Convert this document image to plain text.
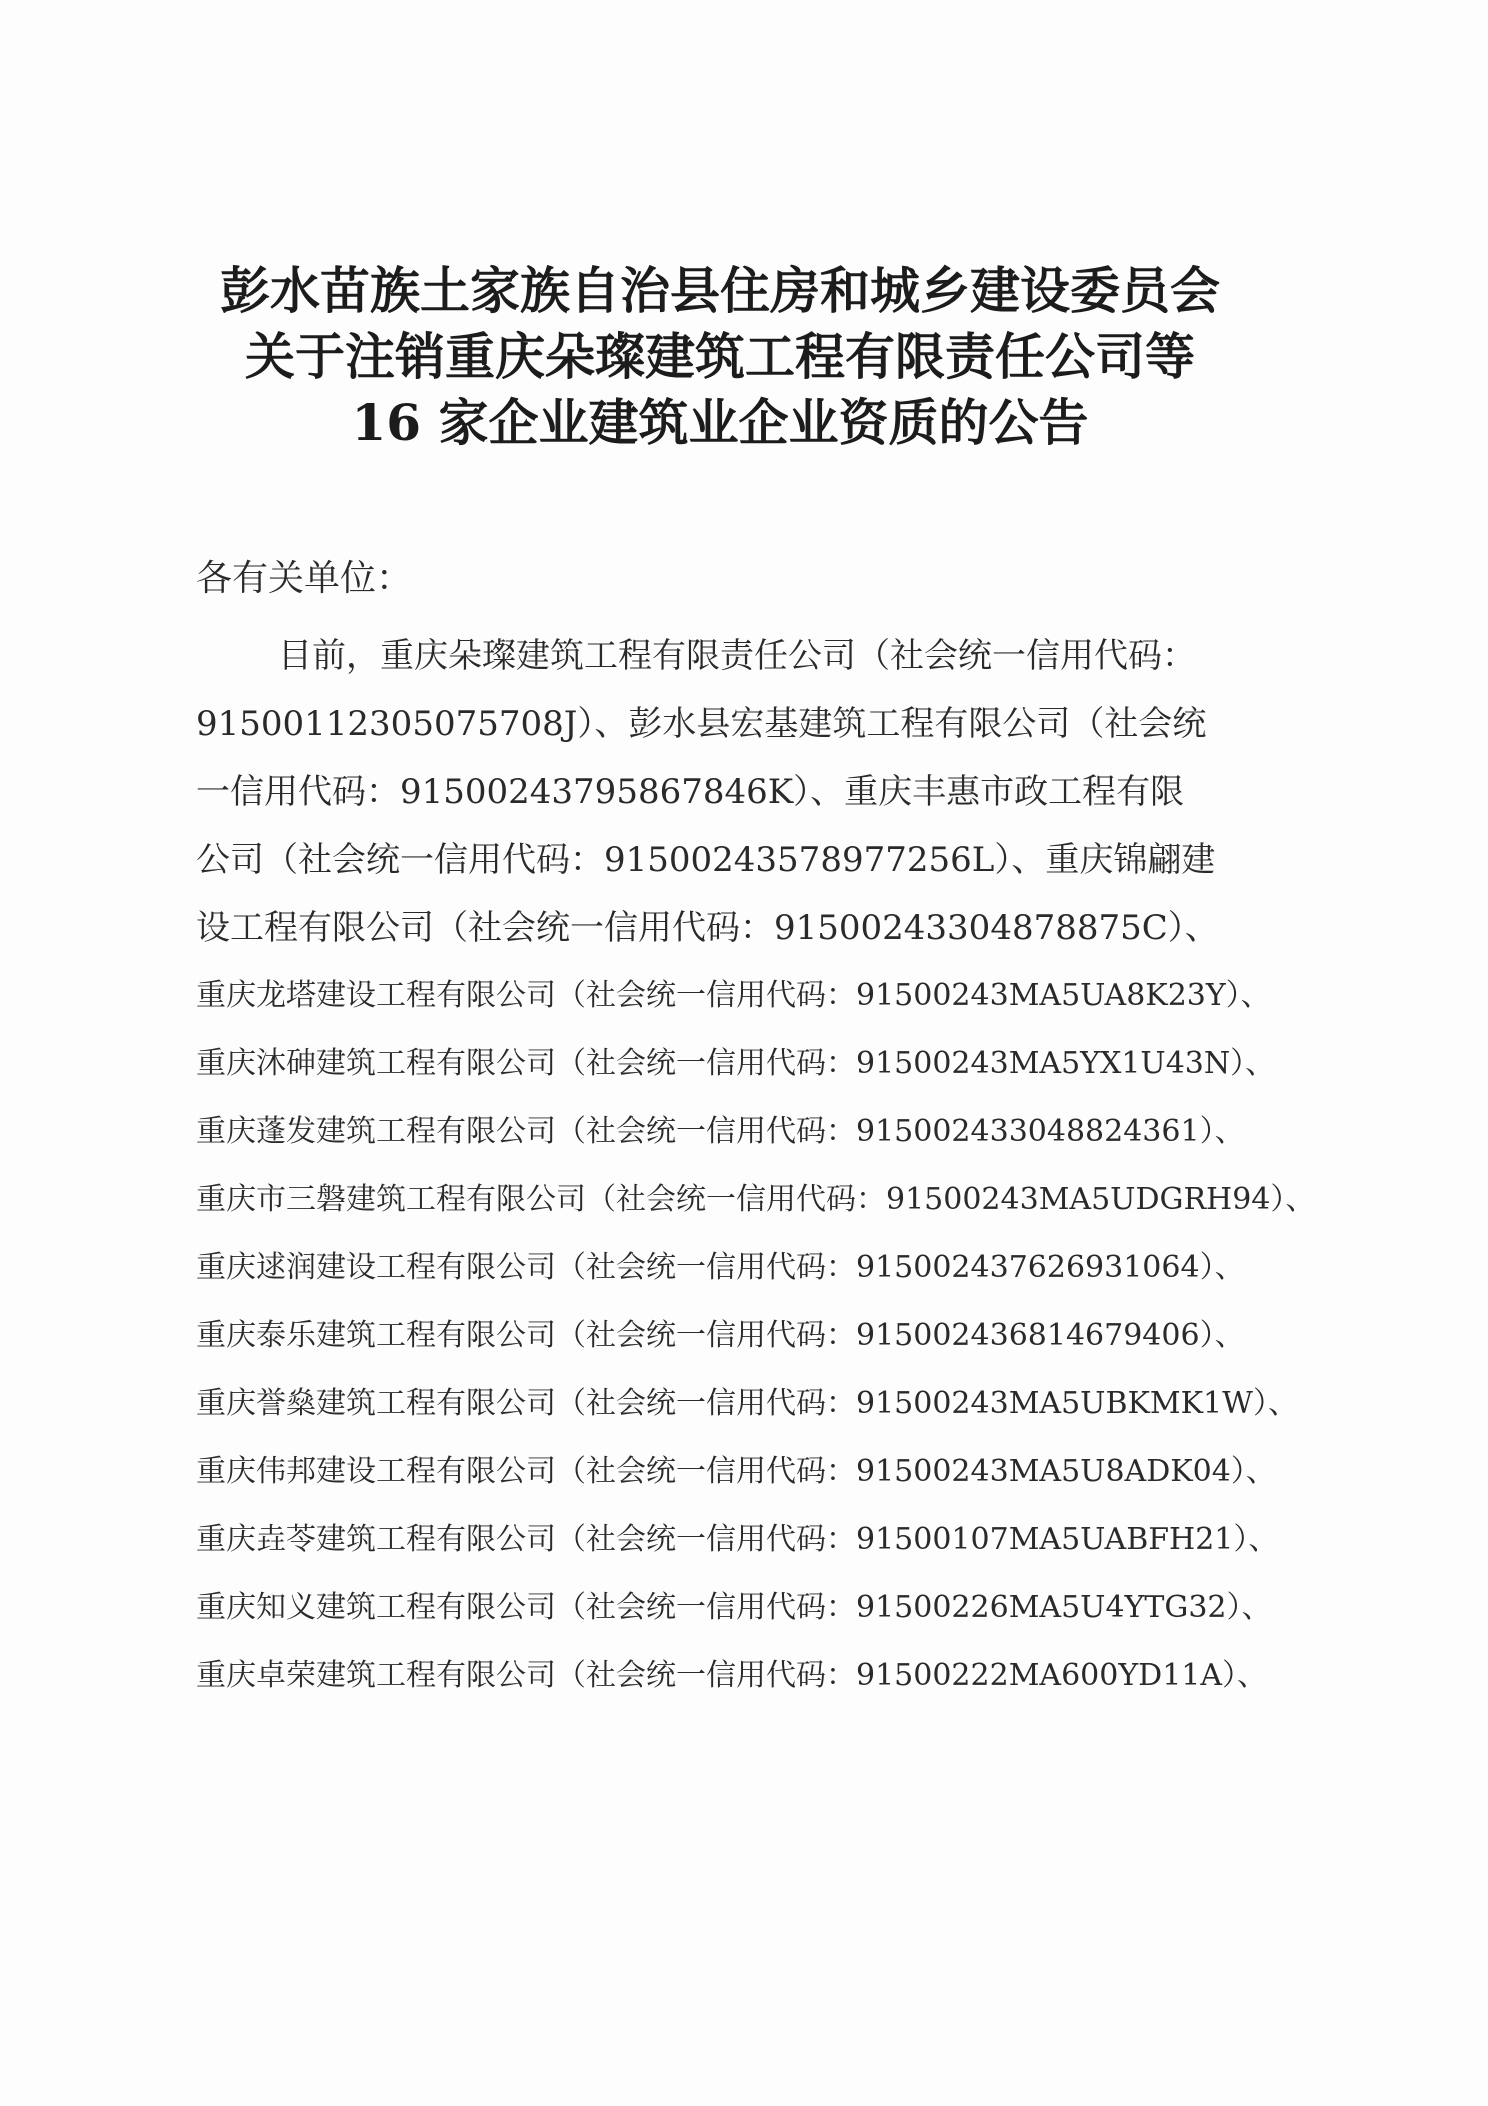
彭水苗族土家族自治县住房和城乡建设委员会
关于注销重庆朵璨建筑工程有限责任公司等
16 家企业建筑业企业资质的公告
各有关单位：
目前，重庆朵璨建筑工程有限责任公司（社会统一信用代码：
91500112305075708J）、彭水县宏基建筑工程有限公司（社会统
一信用代码：91500243795867846K）、重庆丰惠市政工程有限
公司（社会统一信用代码：91500243578977256L）、重庆锦翩建
设工程有限公司（社会统一信用代码：91500243304878875C）、
重庆龙塔建设工程有限公司（社会统一信用代码：91500243MA5UA8K23Y）、
重庆沐砷建筑工程有限公司（社会统一信用代码：91500243MA5YX1U43N）、
重庆蓬发建筑工程有限公司（社会统一信用代码：91500243304882436​1）、
重庆市三磐建筑工程有限公司（社会统一信用代码：91500243MA5UDGRH94）、
重庆逑润建设工程有限公司（社会统一信用代码：91500243762693106​4）、
重庆泰乐建筑工程有限公司（社会统一信用代码：91500243681467940​6）、
重庆誉燊建筑工程有限公司（社会统一信用代码：91500243MA5UBKMK1W）、
重庆伟邦建设工程有限公司（社会统一信用代码：91500243MA5U8ADK04）、
重庆垚苓建筑工程有限公司（社会统一信用代码：91500107MA5UABFH21）、
重庆知义建筑工程有限公司（社会统一信用代码：91500226MA5U4YTG32）、
重庆卓荣建筑工程有限公司（社会统一信用代码：91500222MA600YD11A）、
